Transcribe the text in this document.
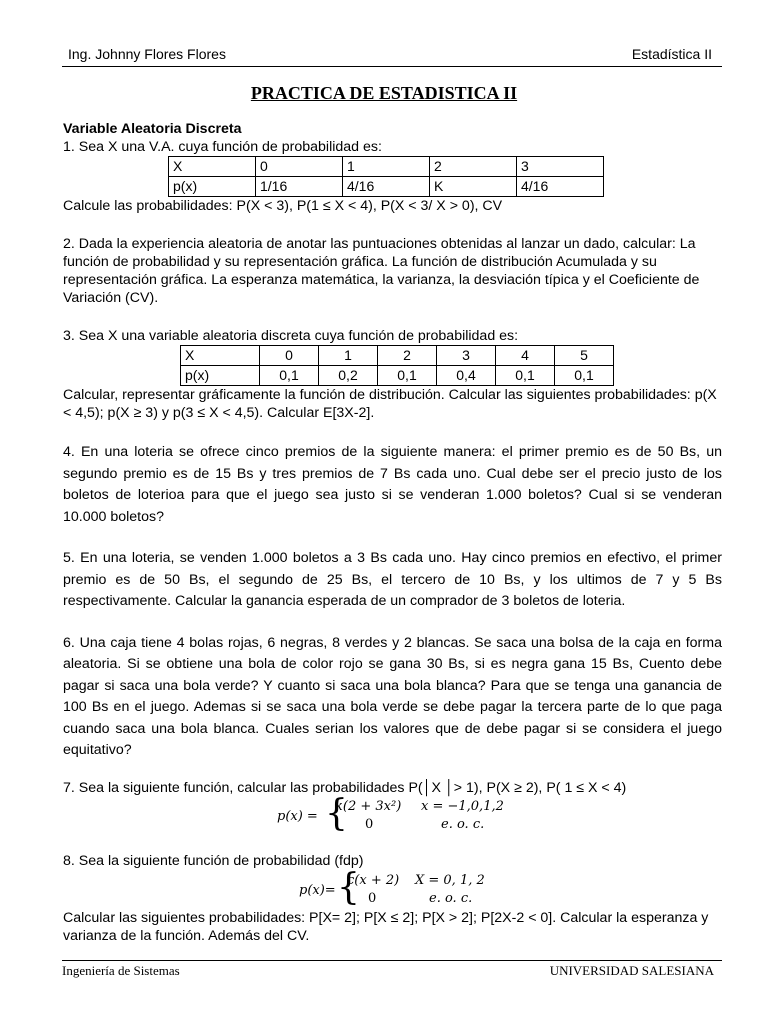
Ing. Johnny Flores Flores	Estadística II
PRACTICA DE ESTADISTICA II

Variable Aleatoria Discreta

1. Sea X una V.A. cuya función de probabilidad es:

X	0	1	2	3
p(x)	1/16	4/16	K	4/16

Calcule las probabilidades: P(X < 3), P(1 ≤ X < 4), P(X < 3/ X > 0), CV

2. Dada la experiencia aleatoria de anotar las puntuaciones obtenidas al lanzar un dado, calcular: La función de probabilidad y su representación gráfica. La función de distribución Acumulada y su representación gráfica. La esperanza matemática, la varianza, la desviación típica y el Coeficiente de Variación (CV).

3. Sea X una variable aleatoria discreta cuya función de probabilidad es:

X	0	1	2	3	4	5
p(x)	0,1	0,2	0,1	0,4	0,1	0,1

Calcular, representar gráficamente la función de distribución. Calcular las siguientes probabilidades: p(X < 4,5); p(X ≥ 3) y p(3 ≤ X < 4,5). Calcular E[3X-2].

4. En una loteria se ofrece cinco premios de la siguiente manera: el primer premio es de 50 Bs, un segundo premio es de 15 Bs y tres premios de 7 Bs cada uno. Cual debe ser el precio justo de los boletos de loterioa para que el juego sea justo si se venderan 1.000 boletos? Cual si se venderan 10.000 boletos?

5. En una loteria, se venden 1.000 boletos a 3 Bs cada uno. Hay cinco premios en efectivo, el primer premio es de 50 Bs, el segundo de 25 Bs, el tercero de 10 Bs, y los ultimos de 7 y 5 Bs respectivamente. Calcular la ganancia esperada de un comprador de 3 boletos de loteria.

6. Una caja tiene 4 bolas rojas, 6 negras, 8 verdes y 2 blancas. Se saca una bolsa de la caja en forma aleatoria. Si se obtiene una bola de color rojo se gana 30 Bs, si es negra gana 15 Bs, Cuento debe pagar si saca una bola verde? Y cuanto si saca una bola blanca? Para que se tenga una ganancia de 100 Bs en el juego. Ademas si se saca una bola verde se debe pagar la tercera parte de lo que paga cuando saca una bola blanca. Cuales serian los valores que de debe pagar si se considera el juego equitativo?

7. Sea la siguiente función, calcular las probabilidades P(│X │> 1), P(X ≥ 2), P( 1 ≤ X < 4)

p(x) = {
k(2 + 3x²) x = −1,0,1,2
0	e. o. c.

8. Sea la siguiente función de probabilidad (fdp)

p(x)= {
c(x + 2) X = 0, 1, 2
0	e. o. c.

Calcular las siguientes probabilidades: P[X= 2]; P[X ≤ 2]; P[X > 2]; P[2X-2 < 0]. Calcular la esperanza y varianza de la función. Además del CV.

Ingeniería de Sistemas	UNIVERSIDAD SALESIANA
